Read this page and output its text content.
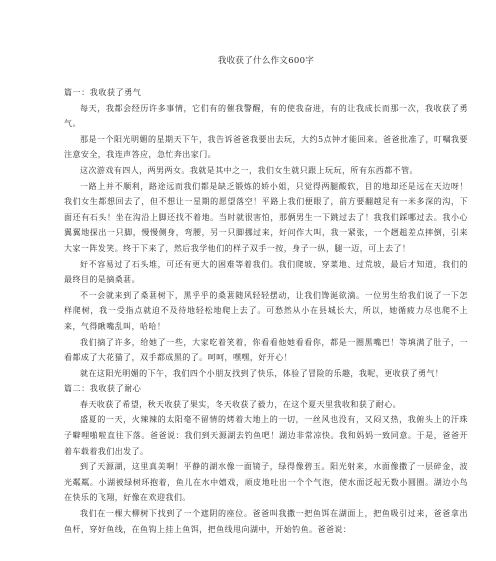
我收获了什么作文600字
篇一：我收获了勇气

每天，我都会经历许多事情，它们有的催我警醒，有的使我奋进，有的让我成长而那一次，我收获了勇气。

那是一个阳光明媚的星期天下午，我告诉爸爸我要出去玩，大约5点钟才能回来。爸爸批准了，叮嘱我要注意安全，我连声答应，急忙奔出家门。

这次游戏有四人，两男两女。我就是其中之一，我们女生就只跟上玩玩，所有东西都不管。

一路上并不顺利，路途远而我们都是缺乏锻炼的娇小姐，只觉得两腿酸软，目的地却还是远在天边呀！我们女生都想回去了，但不想让一星期的愿望落空！平路上我们便眼了，前方要翻越足有一米多深的沟，下面还有石头！坐在沟沿上脚还找不着地。当时就很害怕，那俩男生一下跳过去了！我我们踩哪过去。我小心翼翼地探出一只脚，慢慢侧身，弯腰，另一只脚挪过来，好问作大叫，我一紧张，一个趔趄差点摔倒，引来大家一阵发笑。终于下来了，然后我学他们的样子双手一按，身子一纵，腿一迈，可上去了！

好不容易过了石头堆，可还有更大的困难等着我们。我们爬坡、穿菜地、过荒坡，最后才知道，我们的最终目的是摘桑葚。

不一会就来到了桑葚树下，黑乎乎的桑葚随风轻轻摆动，让我们馋涎欲滴。一位男生给我们说了一下怎样爬树，我一受指点就迫不及待地轻松地爬上去了。可愁然从小在县城长大，所以，她循疲力尽也爬不上来，气得瞅嘴乱叫，哈哈！

我们摘了许多，给她了一些，大家吃着笑着，你看看他她看看你，都是一圈黑嘴巴！等填满了肚子，一看都成了大花猫了，双手都成黑的了。呵呵，嘿嘿，好开心！

就在这阳光明媚的下午，我们四个小朋友找到了快乐，体验了冒险的乐趣，我呢，更收获了勇气！

篇二：我收获了耐心

春天收获了希望，秋天收获了果实，冬天收获了毅力，在这个夏天里我收和获了耐心。

盛夏的一天，火辣辣的太阳毫不留情的烤着大地上的一切，一丝风也没有，又闷又热，我俯头上的汗珠子噼哩啪啦直往下落。爸爸说：我们到天源湖去钓鱼吧！湖边非常凉快。我和妈妈一致同意。于是，爸爸开着车载着我们出发了。

到了天源湖，这里真美啊！平静的湖水像一面镜子，绿得像碧玉。阳光射来，水面像撒了一层碎金，波光粼粼。小湖被绿树环抱着，鱼儿在水中嬉戏，顽皮地吐出一个个气泡，使水面泛起无数小圆圈。湖边小鸟在快乐的飞翔，好像在欢迎我们。

我们在一棵大柳树下找到了一个遮阴的座位。爸爸叫我撒一把鱼饵在湖面上，把鱼吸引过来，爸爸拿出鱼杆，穿好鱼线，在鱼钩上挂上鱼饵，把鱼线甩向湖中，开始钓鱼。爸爸说：
